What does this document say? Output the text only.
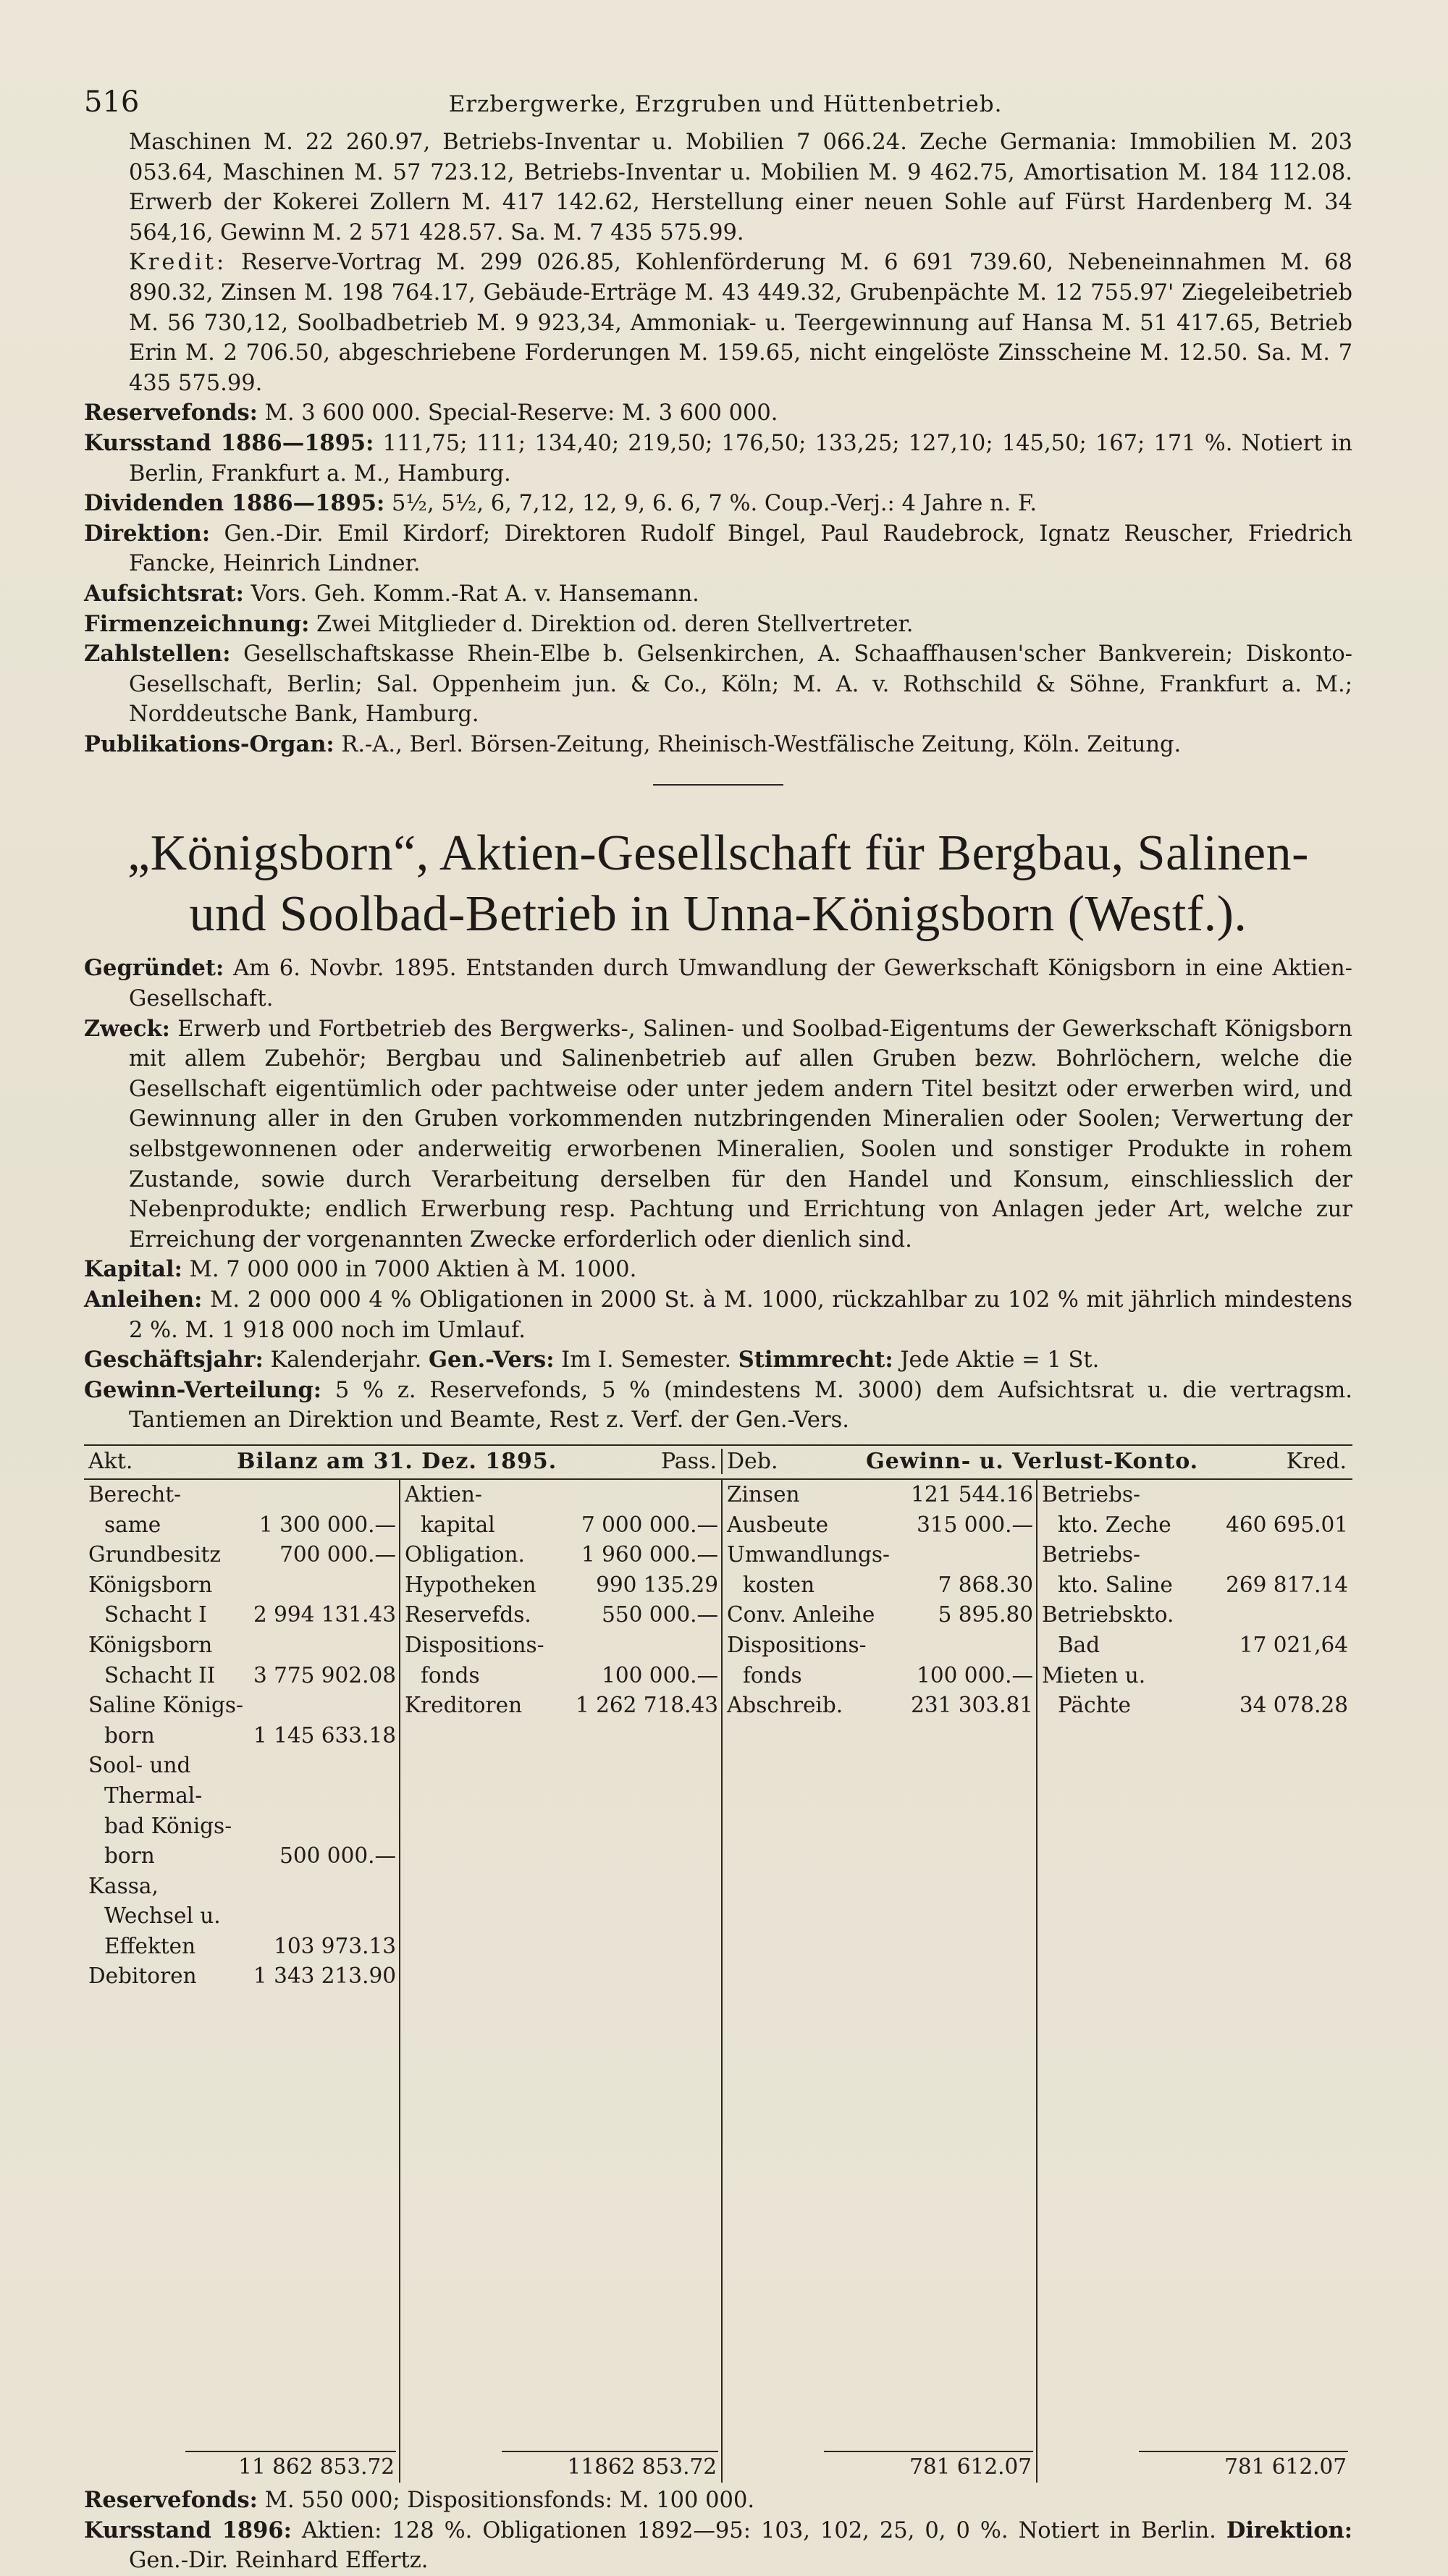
516	Erzbergwerke, Erzgruben und Hüttenbetrieb.
Maschinen M. 22 260.97, Betriebs-Inventar u. Mobilien 7 066.24. Zeche Germania: Immobilien M. 203 053.64, Maschinen M. 57 723.12, Betriebs-Inventar u. Mobilien M. 9 462.75, Amortisation M. 184 112.08. Erwerb der Kokerei Zollern M. 417 142.62, Herstellung einer neuen Sohle auf Fürst Hardenberg M. 34 564,16, Gewinn M. 2 571 428.57. Sa. M. 7 435 575.99.
Kredit: Reserve-Vortrag M. 299 026.85, Kohlenförderung M. 6 691 739.60, Nebeneinnahmen M. 68 890.32, Zinsen M. 198 764.17, Gebäude-Erträge M. 43 449.32, Grubenpächte M. 12 755.97' Ziegeleibetrieb M. 56 730,12, Soolbadbetrieb M. 9 923,34, Ammoniak- u. Teergewinnung auf Hansa M. 51 417.65, Betrieb Erin M. 2 706.50, abgeschriebene Forderungen M. 159.65, nicht eingelöste Zinsscheine M. 12.50. Sa. M. 7 435 575.99.
Reservefonds: M. 3 600 000. Special-Reserve: M. 3 600 000.
Kursstand 1886—1895: 111,75; 111; 134,40; 219,50; 176,50; 133,25; 127,10; 145,50; 167; 171 %. Notiert in Berlin, Frankfurt a. M., Hamburg.
Dividenden 1886—1895: 5½, 5½, 6, 7,12, 12, 9, 6. 6, 7 %. Coup.-Verj.: 4 Jahre n. F.
Direktion: Gen.-Dir. Emil Kirdorf; Direktoren Rudolf Bingel, Paul Raudebrock, Ignatz Reuscher, Friedrich Fancke, Heinrich Lindner.
Aufsichtsrat: Vors. Geh. Komm.-Rat A. v. Hansemann.
Firmenzeichnung: Zwei Mitglieder d. Direktion od. deren Stellvertreter.
Zahlstellen: Gesellschaftskasse Rhein-Elbe b. Gelsenkirchen, A. Schaaffhausen'scher Bankverein; Diskonto-Gesellschaft, Berlin; Sal. Oppenheim jun. & Co., Köln; M. A. v. Rothschild & Söhne, Frankfurt a. M.; Norddeutsche Bank, Hamburg.
Publikations-Organ: R.-A., Berl. Börsen-Zeitung, Rheinisch-Westfälische Zeitung, Köln. Zeitung.
„Königsborn“, Aktien-Gesellschaft für Bergbau, Salinen- und Soolbad-Betrieb in Unna-Königsborn (Westf.).
Gegründet: Am 6. Novbr. 1895. Entstanden durch Umwandlung der Gewerkschaft Königsborn in eine Aktien-Gesellschaft.
Zweck: Erwerb und Fortbetrieb des Bergwerks-, Salinen- und Soolbad-Eigentums der Gewerkschaft Königsborn mit allem Zubehör; Bergbau und Salinenbetrieb auf allen Gruben bezw. Bohrlöchern, welche die Gesellschaft eigentümlich oder pachtweise oder unter jedem andern Titel besitzt oder erwerben wird, und Gewinnung aller in den Gruben vorkommenden nutzbringenden Mineralien oder Soolen; Verwertung der selbstgewonnenen oder anderweitig erworbenen Mineralien, Soolen und sonstiger Produkte in rohem Zustande, sowie durch Verarbeitung derselben für den Handel und Konsum, einschliesslich der Nebenprodukte; endlich Erwerbung resp. Pachtung und Errichtung von Anlagen jeder Art, welche zur Erreichung der vorgenannten Zwecke erforderlich oder dienlich sind.
Kapital: M. 7 000 000 in 7000 Aktien à M. 1000.
Anleihen: M. 2 000 000 4 % Obligationen in 2000 St. à M. 1000, rückzahlbar zu 102 % mit jährlich mindestens 2 %. M. 1 918 000 noch im Umlauf.
Geschäftsjahr: Kalenderjahr. Gen.-Vers: Im I. Semester. Stimmrecht: Jede Aktie = 1 St.
Gewinn-Verteilung: 5 % z. Reservefonds, 5 % (mindestens M. 3000) dem Aufsichtsrat u. die vertragsm. Tantiemen an Direktion und Beamte, Rest z. Verf. der Gen.-Vers.
Akt.	Bilanz am 31. Dez. 1895.	Pass. Deb.	Gewinn- u. Verlust-Konto.	Kred.
Berecht-
same	1 300 000.—
Grundbesitz	700 000.—
Königsborn
Schacht I 2 994 131.43
Königsborn
Schacht II 3 775 902.08
Saline Königs-
born	1 145 633.18
Sool- und
Thermal-
bad Königs-
born	500 000.—
Kassa,
Wechsel u.
Effekten	103 973.13
Debitoren	1 343 213.90
11 862 853.72
Aktien-
kapital	7 000 000.—
Obligation.	1 960 000.—
Hypotheken	990 135.29
Reservefds.	550 000.—
Dispositions-
fonds	100 000.—
Kreditoren	1 262 718.43
11862 853.72
Zinsen	121 544.16
Ausbeute	315 000.—
Umwandlungs-
kosten	7 868.30
Conv. Anleihe	5 895.80
Dispositions-
fonds	100 000.—
Abschreib.	231 303.81
781 612.07
Betriebs-
kto. Zeche	460 695.01
Betriebs-
kto. Saline 269 817.14
Betriebskto.
Bad	17 021,64
Mieten u.
Pächte	34 078.28
781 612.07
Reservefonds: M. 550 000; Dispositionsfonds: M. 100 000.
Kursstand 1896: Aktien: 128 %. Obligationen 1892—95: 103, 102, 25, 0, 0 %. Notiert in Berlin. Direktion: Gen.-Dir. Reinhard Effertz.
